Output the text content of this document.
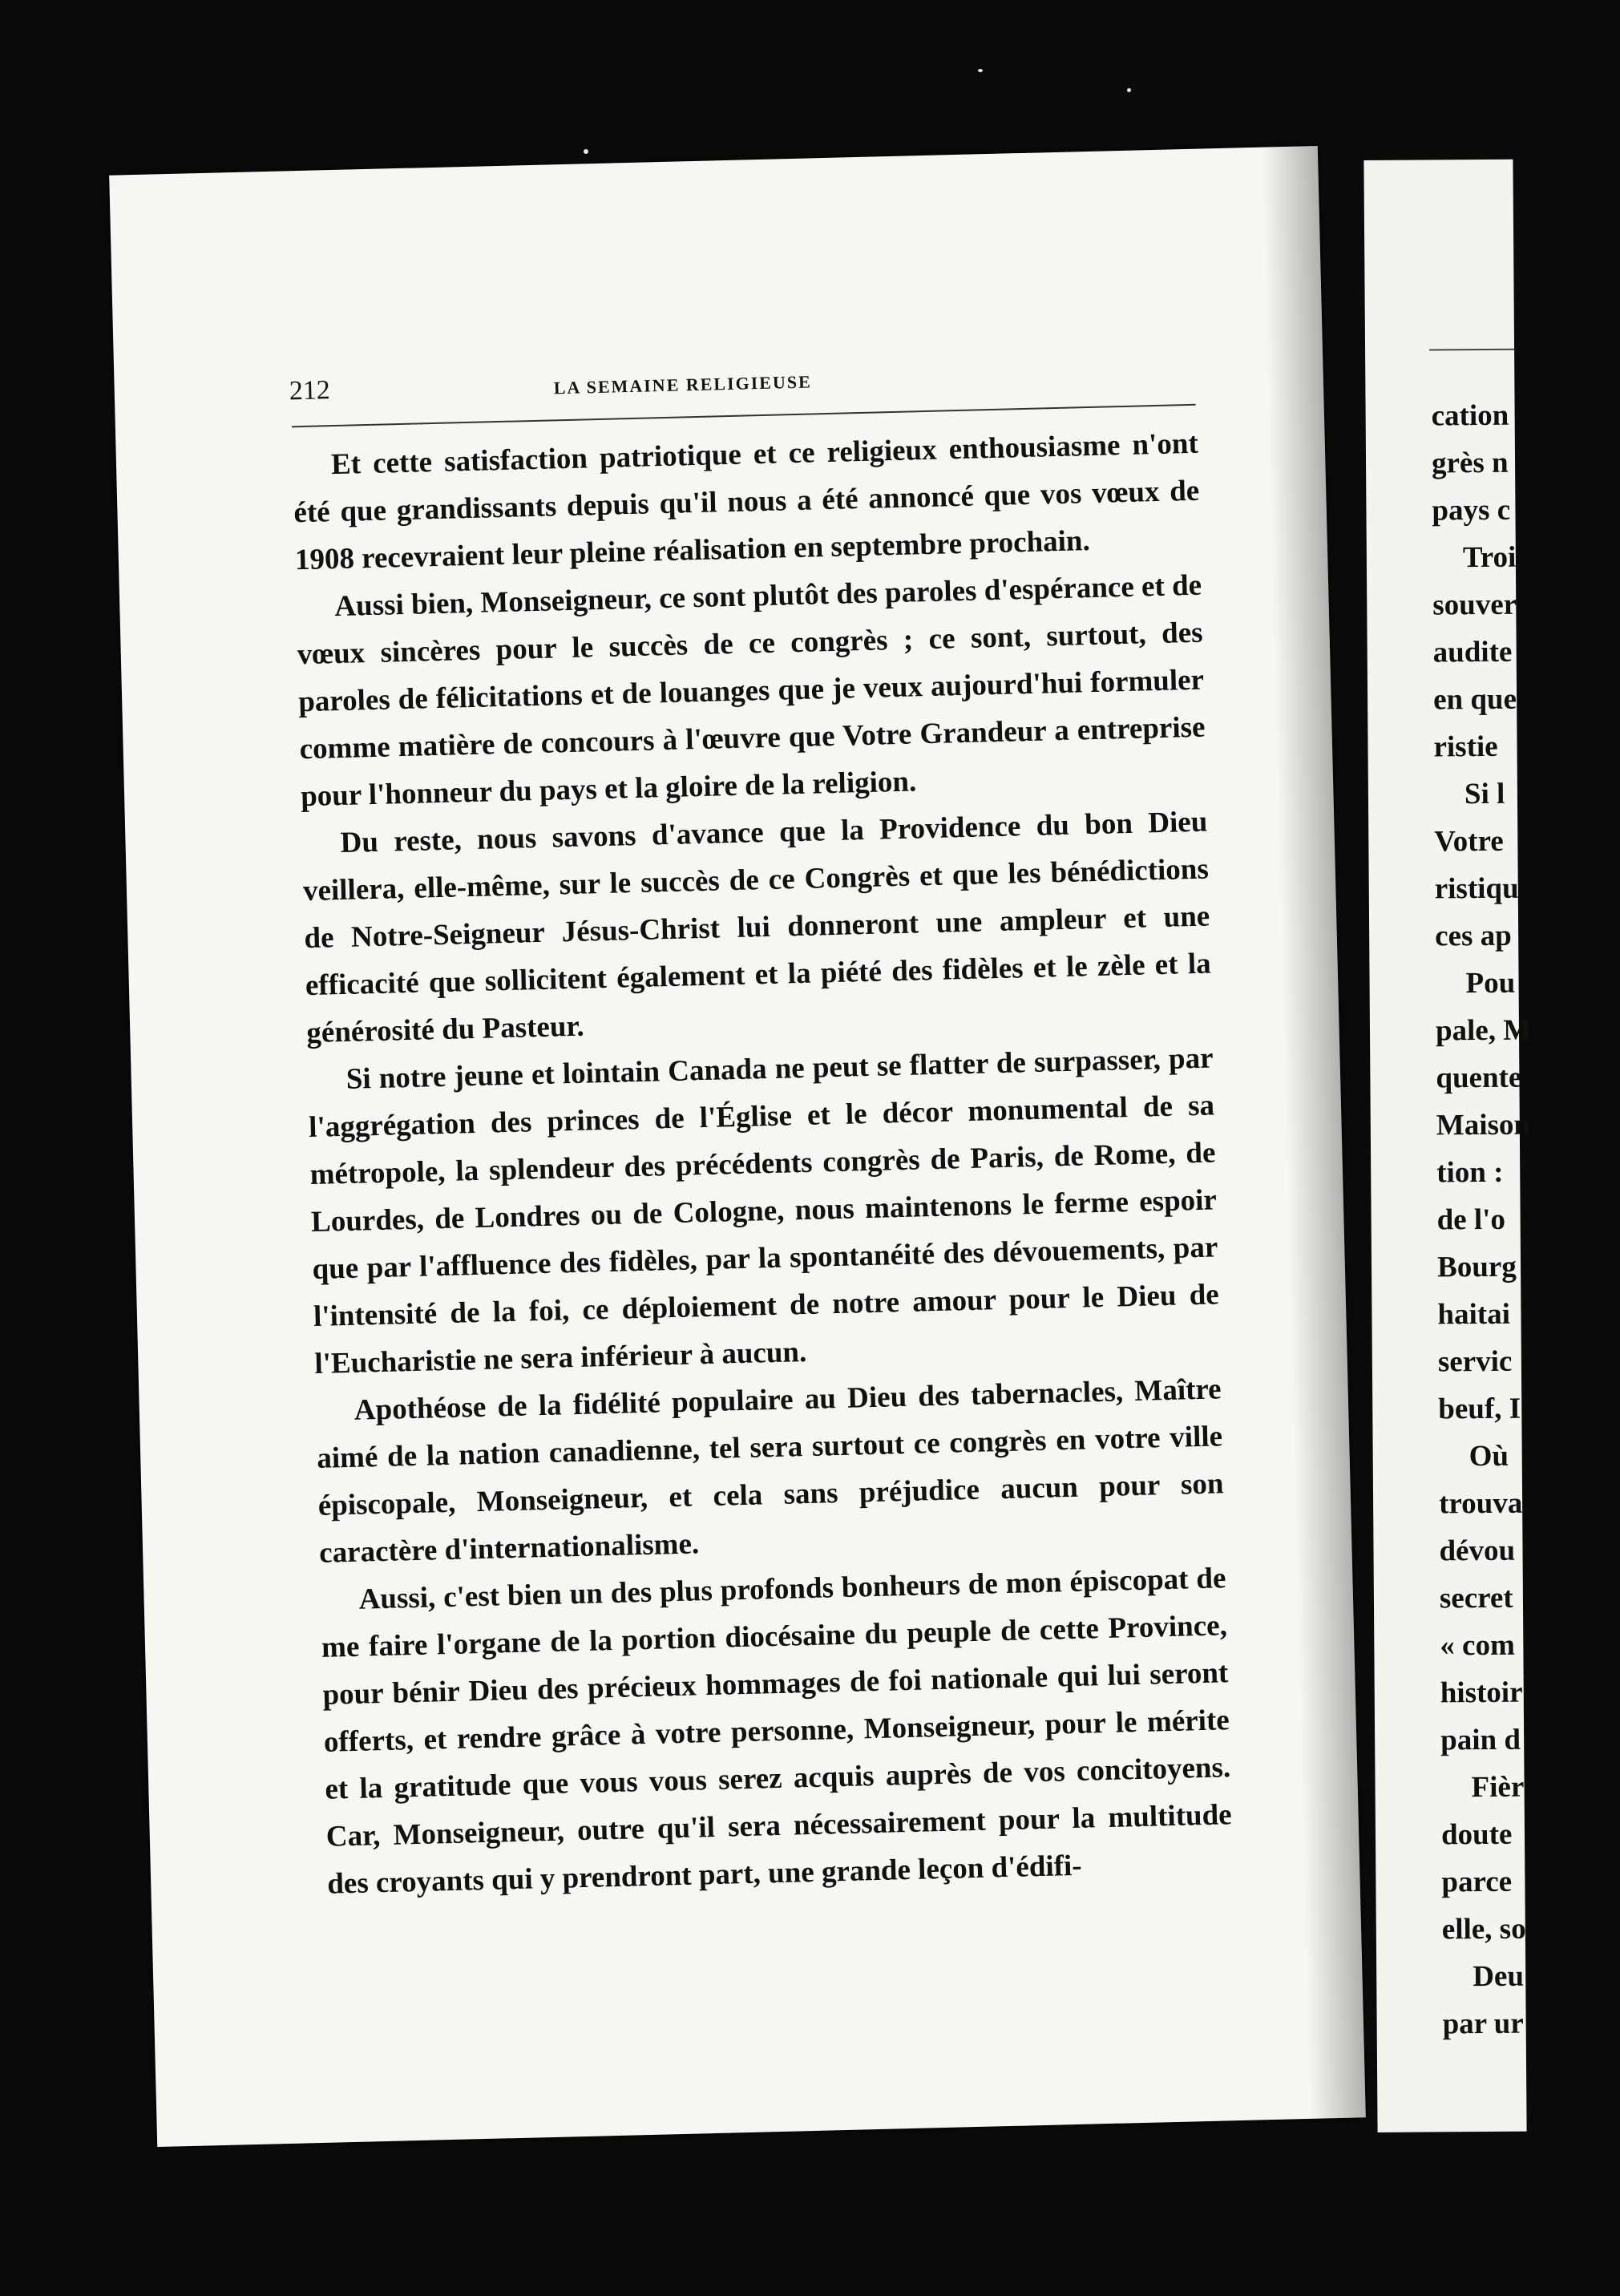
212	LA SEMAINE RELIGIEUSE

Et cette satisfaction patriotique et ce religieux enthousiasme n'ont été que grandissants depuis qu'il nous a été annoncé que vos vœux de 1908 recevraient leur pleine réalisation en septembre prochain.

Aussi bien, Monseigneur, ce sont plutôt des paroles d'espérance et de vœux sincères pour le succès de ce congrès ; ce sont, surtout, des paroles de félicitations et de louanges que je veux aujourd'hui formuler comme matière de concours à l'œuvre que Votre Grandeur a entreprise pour l'honneur du pays et la gloire de la religion.

Du reste, nous savons d'avance que la Providence du bon Dieu veillera, elle-même, sur le succès de ce Congrès et que les bénédictions de Notre-Seigneur Jésus-Christ lui donneront une ampleur et une efficacité que sollicitent également et la piété des fidèles et le zèle et la générosité du Pasteur.

Si notre jeune et lointain Canada ne peut se flatter de surpasser, par l'aggrégation des princes de l'Église et le décor monumental de sa métropole, la splendeur des précédents congrès de Paris, de Rome, de Lourdes, de Londres ou de Cologne, nous maintenons le ferme espoir que par l'affluence des fidèles, par la spontanéité des dévouements, par l'intensité de la foi, ce déploiement de notre amour pour le Dieu de l'Eucharistie ne sera inférieur à aucun.

Apothéose de la fidélité populaire au Dieu des tabernacles, Maître aimé de la nation canadienne, tel sera surtout ce congrès en votre ville épiscopale, Monseigneur, et cela sans préjudice aucun pour son caractère d'internationalisme.

Aussi, c'est bien un des plus profonds bonheurs de mon épiscopat de me faire l'organe de la portion diocésaine du peuple de cette Province, pour bénir Dieu des précieux hommages de foi nationale qui lui seront offerts, et rendre grâce à votre personne, Monseigneur, pour le mérite et la gratitude que vous vous serez acquis auprès de vos concitoyens. Car, Monseigneur, outre qu'il sera nécessairement pour la multitude des croyants qui y prendront part, une grande leçon d'édifi-

cation
grès n
pays c
Troi
souver
audite
en que
ristie
Si l
Votre
ristiqu
ces ap
Pou
pale, M
quente
Maison
tion :
de l'o
Bourg
haitai
servic
beuf, I
Où
trouva
dévou
secret
« com
histoir
pain d
Fièr
doute
parce
elle, so
Deu
par ur
